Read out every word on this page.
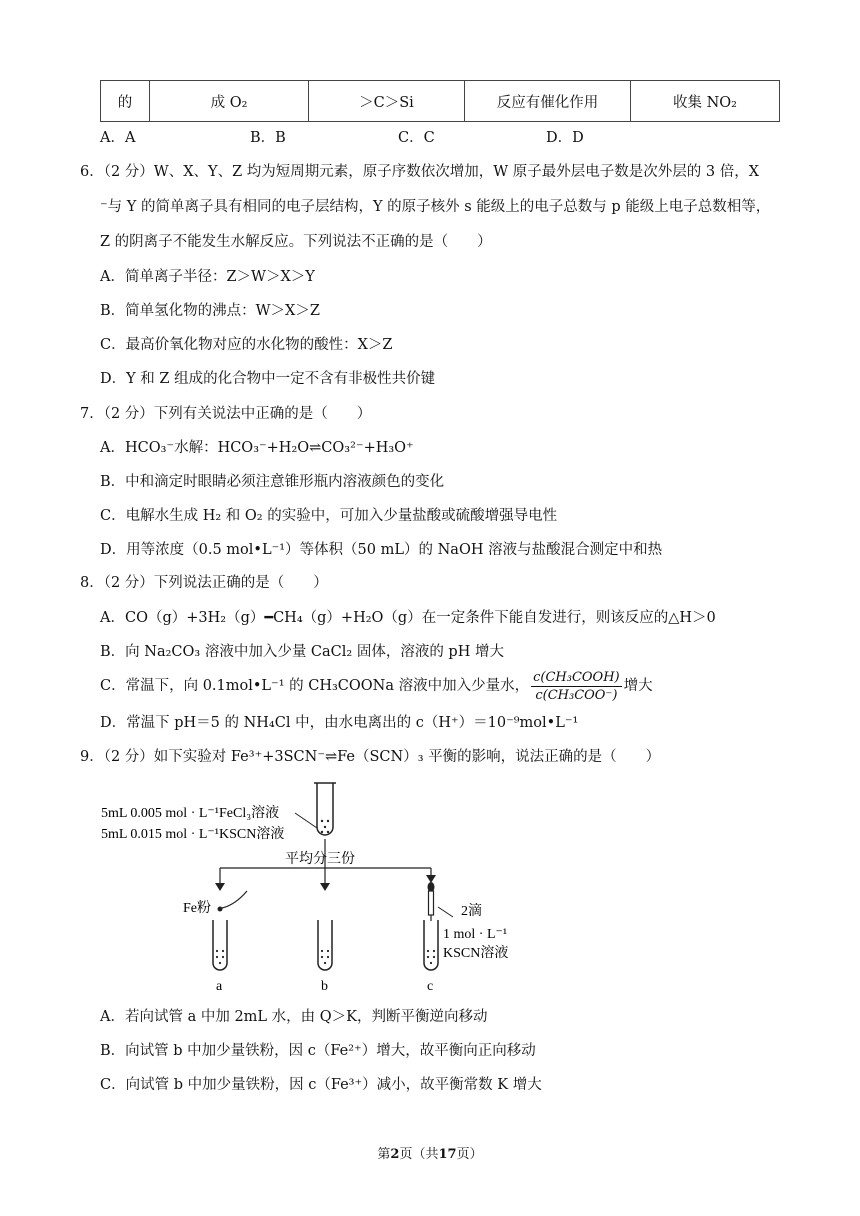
的	成 O₂	＞C＞Si	反应有催化作用	收集 NO₂
A．A	B．B	C．C	D．D
6．（2 分）W、X、Y、Z 均为短周期元素，原子序数依次增加，W 原子最外层电子数是次外层的 3 倍，X
⁻与 Y 的简单离子具有相同的电子层结构，Y 的原子核外 s 能级上的电子总数与 p 能级上电子总数相等，
Z 的阴离子不能发生水解反应。下列说法不正确的是（　　）
A．简单离子半径：Z＞W＞X＞Y
B．简单氢化物的沸点：W＞X＞Z
C．最高价氧化物对应的水化物的酸性：X＞Z
D．Y 和 Z 组成的化合物中一定不含有非极性共价键
7．（2 分）下列有关说法中正确的是（　　）
A．HCO₃⁻水解：HCO₃⁻+H₂O⇌CO₃²⁻+H₃O⁺
B．中和滴定时眼睛必须注意锥形瓶内溶液颜色的变化
C．电解水生成 H₂ 和 O₂ 的实验中，可加入少量盐酸或硫酸增强导电性
D．用等浓度（0.5 mol•L⁻¹）等体积（50 mL）的 NaOH 溶液与盐酸混合测定中和热
8．（2 分）下列说法正确的是（　　）
A．CO（g）+3H₂（g）━CH₄（g）+H₂O（g）在一定条件下能自发进行，则该反应的△H＞0
B．向 Na₂CO₃ 溶液中加入少量 CaCl₂ 固体，溶液的 pH 增大
C．常温下，向 0.1mol•L⁻¹ 的 CH₃COONa 溶液中加入少量水， $\frac{\text{c(CH₃COOH)}}{\text{c(CH₃COO⁻)}}$ 增大
D．常温下 pH＝5 的 NH₄Cl 中，由水电离出的 c（H⁺）＝10⁻⁹mol•L⁻¹
9．（2 分）如下实验对 Fe³⁺+3SCN⁻⇌Fe（SCN）₃ 平衡的影响，说法正确的是（　　）
5mL 0.005 mol · L⁻¹FeCl₃溶液
5mL 0.015 mol · L⁻¹KSCN溶液
平均分三份
Fe粉	2滴
1 mol · L⁻¹
KSCN溶液
a	b	c
A．若向试管 a 中加 2mL 水，由 Q＞K，判断平衡逆向移动
B．向试管 b 中加少量铁粉，因 c（Fe²⁺）增大，故平衡向正向移动
C．向试管 b 中加少量铁粉，因 c（Fe³⁺）减小，故平衡常数 K 增大
第2页（共17页）
